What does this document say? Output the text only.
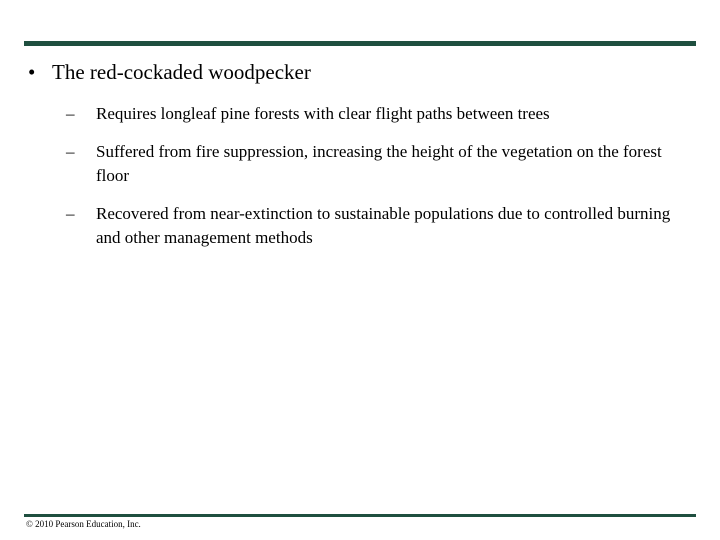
• The red-cockaded woodpecker
–	Requires longleaf pine forests with clear flight paths between trees
–	Suffered from fire suppression, increasing the height of the vegetation on the forest floor
–	Recovered from near-extinction to sustainable populations due to controlled burning and other management methods
© 2010 Pearson Education, Inc.
